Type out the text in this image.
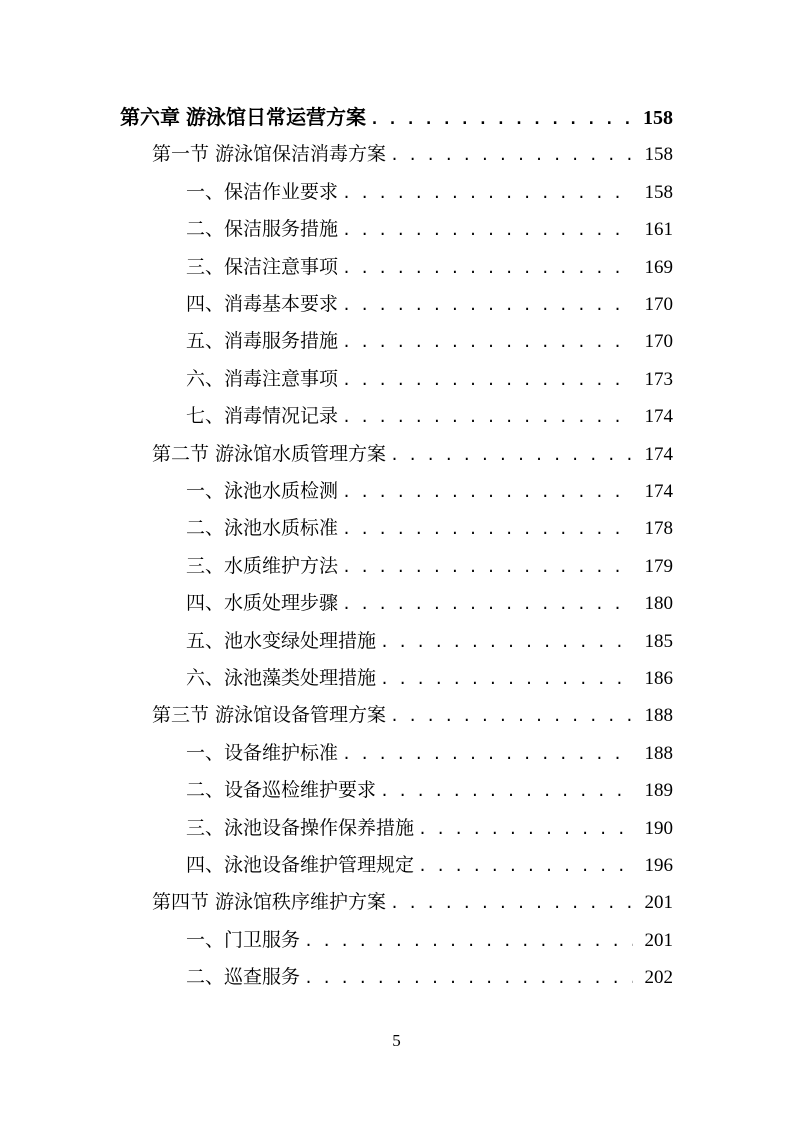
第六章 游泳馆日常运营方案 . . .	158
第一节 游泳馆保洁消毒方案 . . .	158
一、保洁作业要求 . . .	158
二、保洁服务措施 . . .	161
三、保洁注意事项 . . .	169
四、消毒基本要求 . . .	170
五、消毒服务措施 . . .	170
六、消毒注意事项 . . .	173
七、消毒情况记录 . . .	174
第二节 游泳馆水质管理方案 . . .	174
一、泳池水质检测 . . .	174
二、泳池水质标准 . . .	178
三、水质维护方法 . . .	179
四、水质处理步骤 . . .	180
五、池水变绿处理措施 . . .	185
六、泳池藻类处理措施 . . .	186
第三节 游泳馆设备管理方案 . . .	188
一、设备维护标准 . . .	188
二、设备巡检维护要求 . . .	189
三、泳池设备操作保养措施 . . .	190
四、泳池设备维护管理规定 . . .	196
第四节 游泳馆秩序维护方案 . . .	201
一、门卫服务 . . .	201
二、巡查服务 . . .	202
5
